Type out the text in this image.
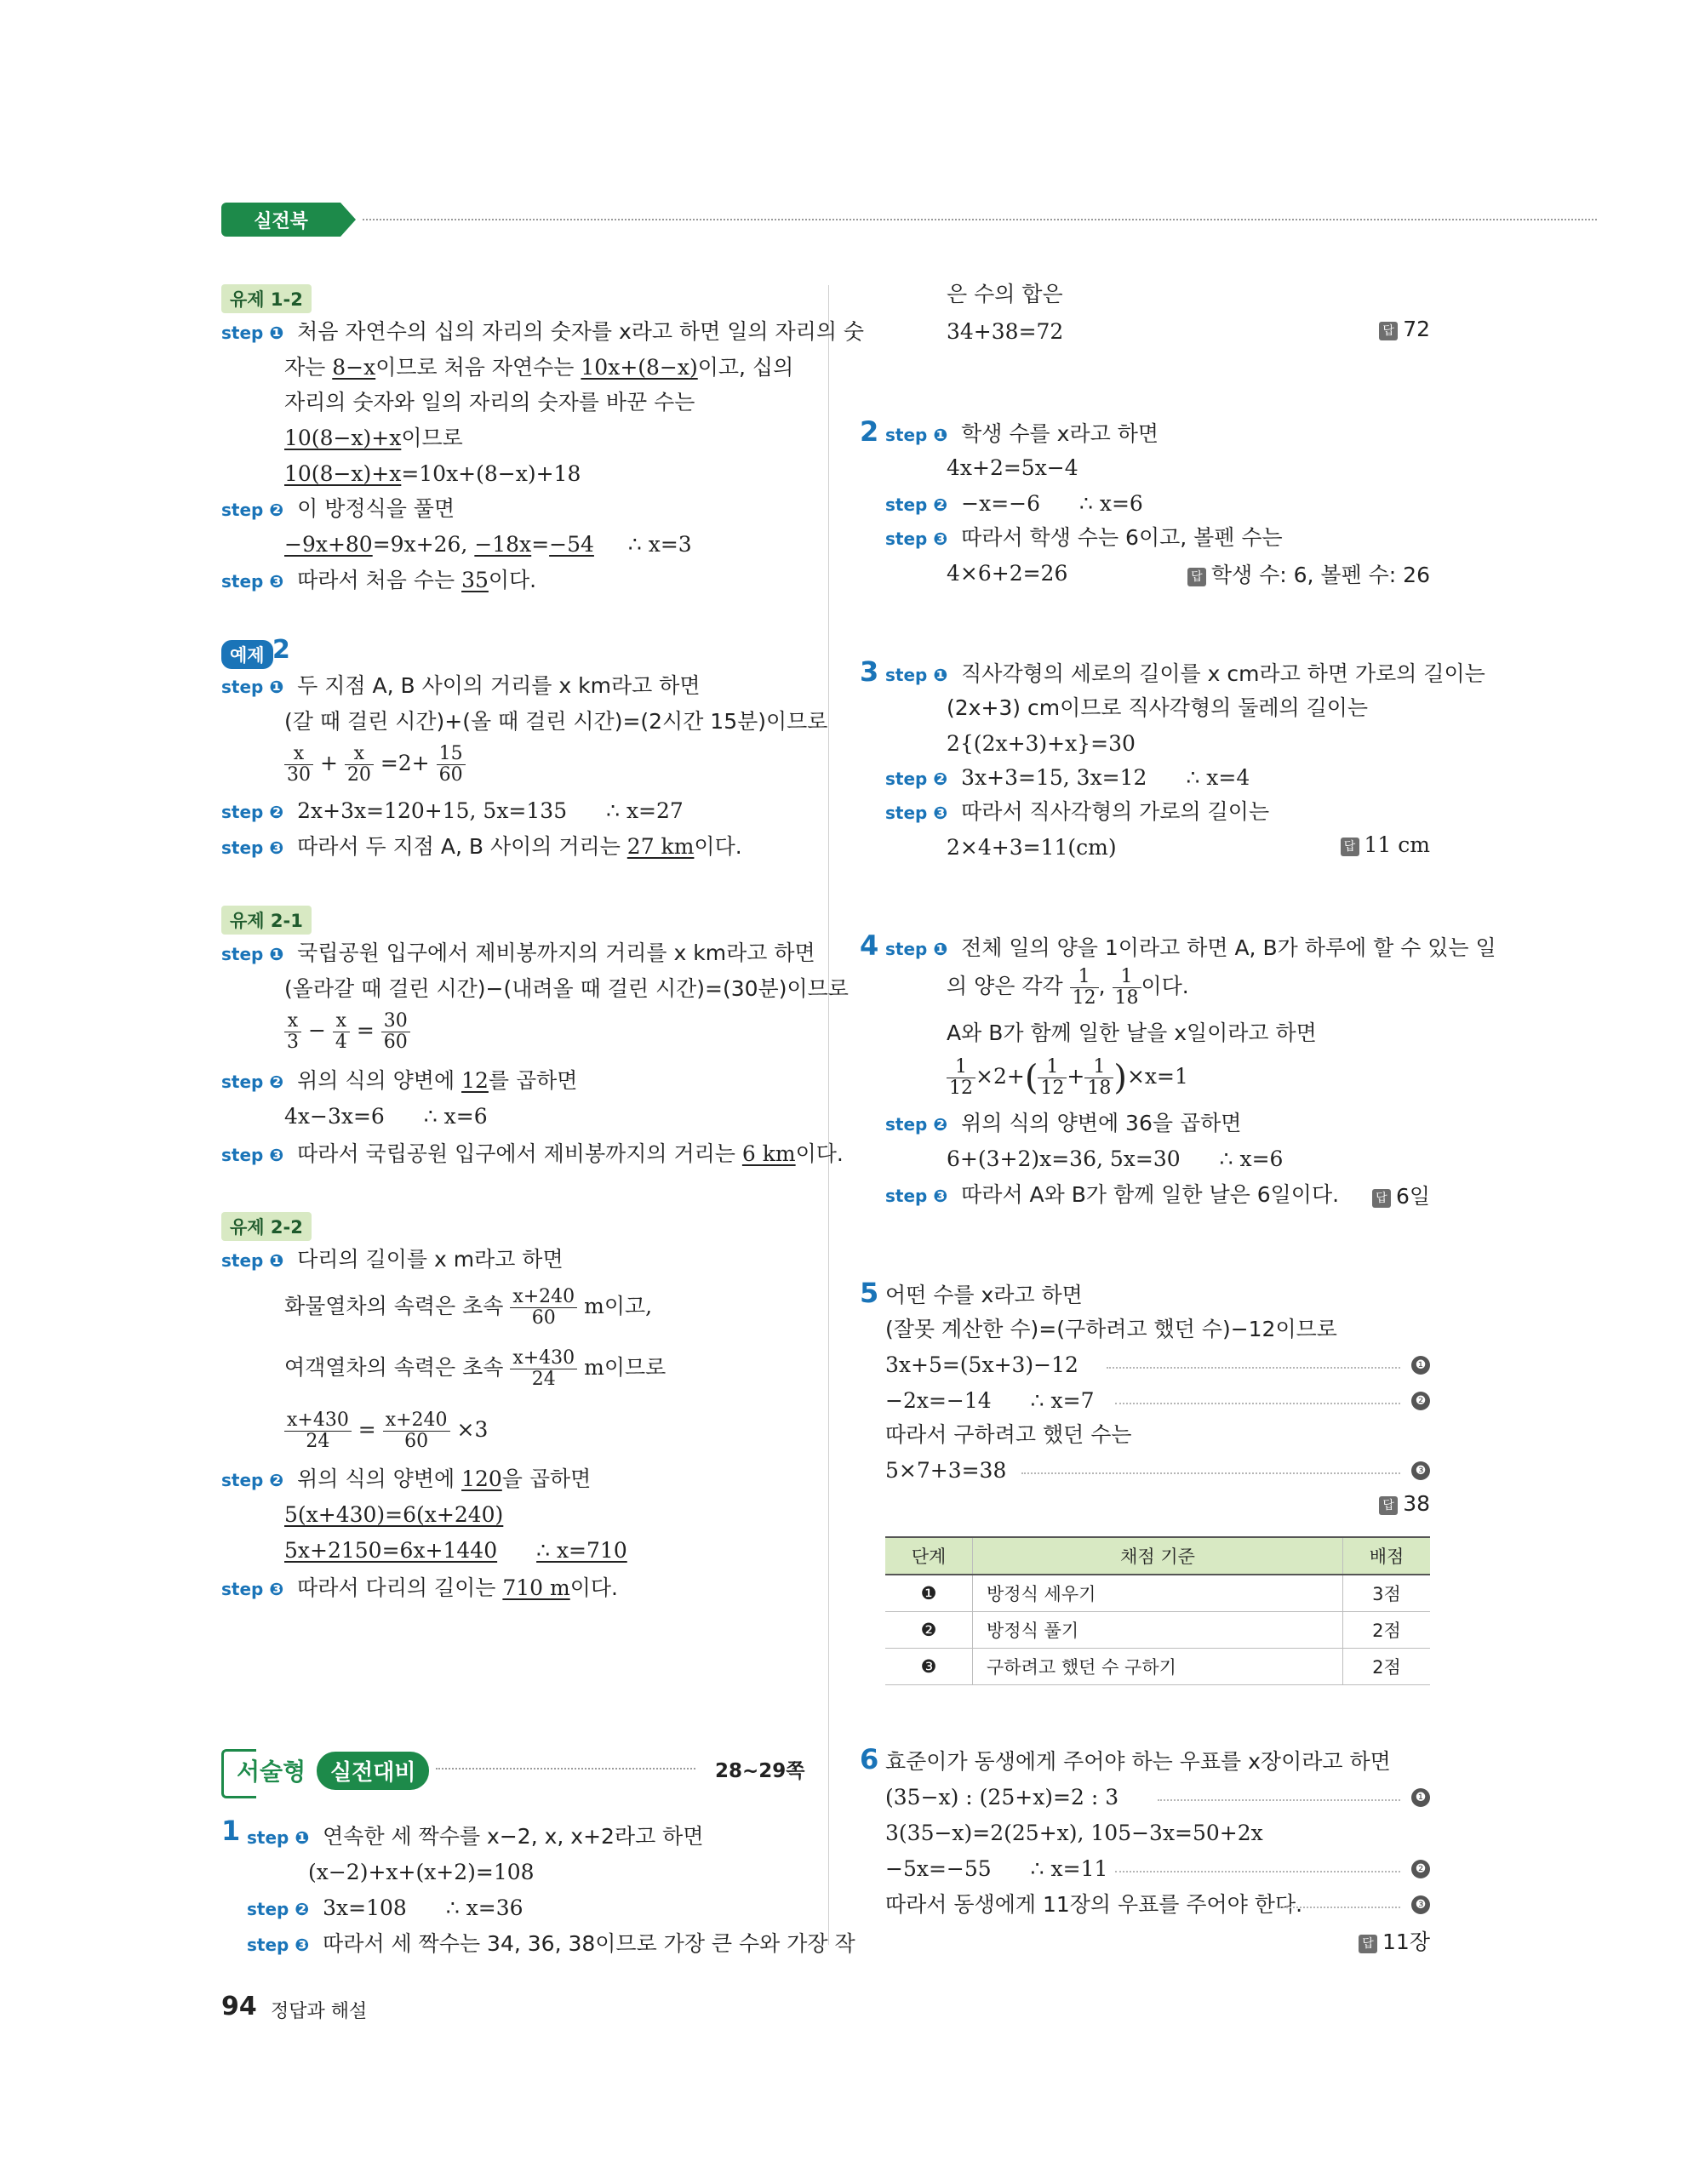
실전북
유제 1-2
step ❶ 처음 자연수의 십의 자리의 숫자를 x라고 하면 일의 자리의 숫
자는 8−x이므로 처음 자연수는 10x+(8−x)이고, 십의
자리의 숫자와 일의 자리의 숫자를 바꾼 수는
10(8−x)+x이므로
10(8−x)+x=10x+(8−x)+18
step ❷ 이 방정식을 풀면
−9x+80=9x+26, −18x=−54 ∴ x=3
step ❸ 따라서 처음 수는 35이다.
예제 2
step ❶ 두 지점 A, B 사이의 거리를 x km라고 하면
(갈 때 걸린 시간)+(올 때 걸린 시간)=(2시간 15분)이므로
$\frac{x}{30} + \frac{x}{20} =2+ \frac{15}{60}$
step ❷ 2x+3x=120+15, 5x=135 ∴ x=27
step ❸ 따라서 두 지점 A, B 사이의 거리는 27 km이다.
유제 2-1
step ❶ 국립공원 입구에서 제비봉까지의 거리를 x km라고 하면
(올라갈 때 걸린 시간)−(내려올 때 걸린 시간)=(30분)이므로
$\frac{x}{3} - \frac{x}{4} = \frac{30}{60}$
step ❷ 위의 식의 양변에 12를 곱하면
4x−3x=6 ∴ x=6
step ❸ 따라서 국립공원 입구에서 제비봉까지의 거리는 6 km이다.
유제 2-2
step ❶ 다리의 길이를 x m라고 하면
화물열차의 속력은 초속 $\frac{x+240}{60}$ m이고,
여객열차의 속력은 초속 $\frac{x+430}{24}$ m이므로
$\frac{x+430}{24} = \frac{x+240}{60} \times 3$
step ❷ 위의 식의 양변에 120을 곱하면
5(x+430)=6(x+240)
5x+2150=6x+1440 ∴ x=710
step ❸ 따라서 다리의 길이는 710 m이다.
서술형	실전대비	28~29쪽
1 step ❶ 연속한 세 짝수를 x−2, x, x+2라고 하면
(x−2)+x+(x+2)=108
step ❷ 3x=108 ∴ x=36
step ❸ 따라서 세 짝수는 34, 36, 38이므로 가장 큰 수와 가장 작
은 수의 합은
34+38=72	답 72
2 step ❶ 학생 수를 x라고 하면
4x+2=5x−4
step ❷ −x=−6 ∴ x=6
step ❸ 따라서 학생 수는 6이고, 볼펜 수는
4×6+2=26	답 학생 수: 6, 볼펜 수: 26
3 step ❶ 직사각형의 세로의 길이를 x cm라고 하면 가로의 길이는
(2x+3) cm이므로 직사각형의 둘레의 길이는
2{(2x+3)+x}=30
step ❷ 3x+3=15, 3x=12 ∴ x=4
step ❸ 따라서 직사각형의 가로의 길이는
2×4+3=11(cm)	답 11 cm
4 step ❶ 전체 일의 양을 1이라고 하면 A, B가 하루에 할 수 있는 일
의 양은 각각 $\frac{1}{12}$ , $\frac{1}{18}$ 이다.
A와 B가 함께 일한 날을 x일이라고 하면
$\frac{1}{12} \times 2+( \frac{1}{12} + \frac{1}{18} )\times x=1$
step ❷ 위의 식의 양변에 36을 곱하면
6+(3+2)x=36, 5x=30 ∴ x=6
step ❸ 따라서 A와 B가 함께 일한 날은 6일이다.	답 6일
5 어떤 수를 x라고 하면
(잘못 계산한 수)=(구하려고 했던 수)−12이므로
3x+5=(5x+3)−12	❶
−2x=−14 ∴ x=7	❷
따라서 구하려고 했던 수는
5×7+3=38	❸
답 38
단계	채점 기준	배점
❶	방정식 세우기	3점
❷	방정식 풀기	2점
❸	구하려고 했던 수 구하기	2점
6 효준이가 동생에게 주어야 하는 우표를 x장이라고 하면
(35−x) : (25+x)=2 : 3	❶
3(35−x)=2(25+x), 105−3x=50+2x
−5x=−55 ∴ x=11	❷
따라서 동생에게 11장의 우표를 주어야 한다.	❸
답 11장
94 정답과 해설
